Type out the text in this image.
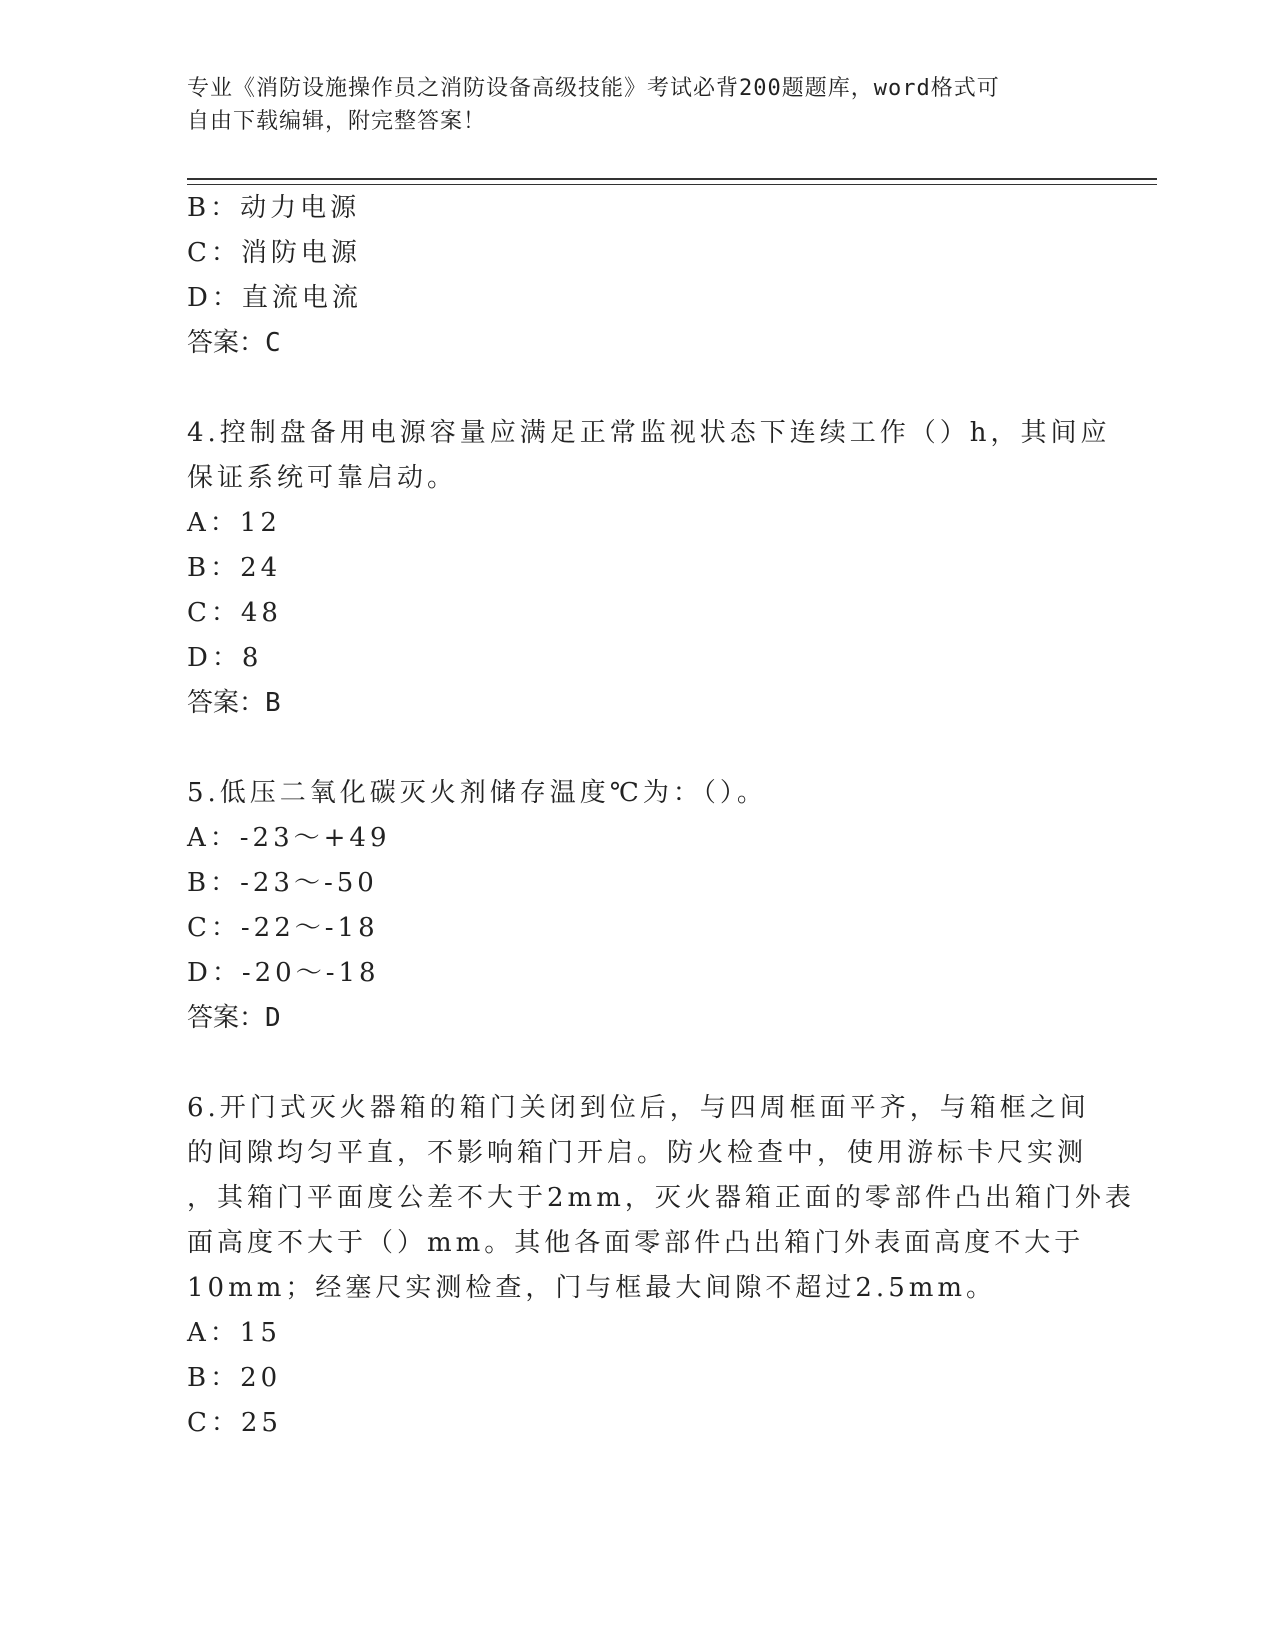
专业《消防设施操作员之消防设备高级技能》考试必背200题题库，word格式可
自由下载编辑，附完整答案！
B：动力电源
C：消防电源
D：直流电流
答案：C
4.控制盘备用电源容量应满足正常监视状态下连续工作（）h，其间应
保证系统可靠启动。
A：12
B：24
C：48
D：8
答案：B
5.低压二氧化碳灭火剂储存温度℃为：（）。
A：-23～+49
B：-23～-50
C：-22～-18
D：-20～-18
答案：D
6.开门式灭火器箱的箱门关闭到位后，与四周框面平齐，与箱框之间
的间隙均匀平直，不影响箱门开启。防火检查中，使用游标卡尺实测
，其箱门平面度公差不大于2mm，灭火器箱正面的零部件凸出箱门外表
面高度不大于（）mm。其他各面零部件凸出箱门外表面高度不大于
10mm；经塞尺实测检查，门与框最大间隙不超过2.5mm。
A：15
B：20
C：25
